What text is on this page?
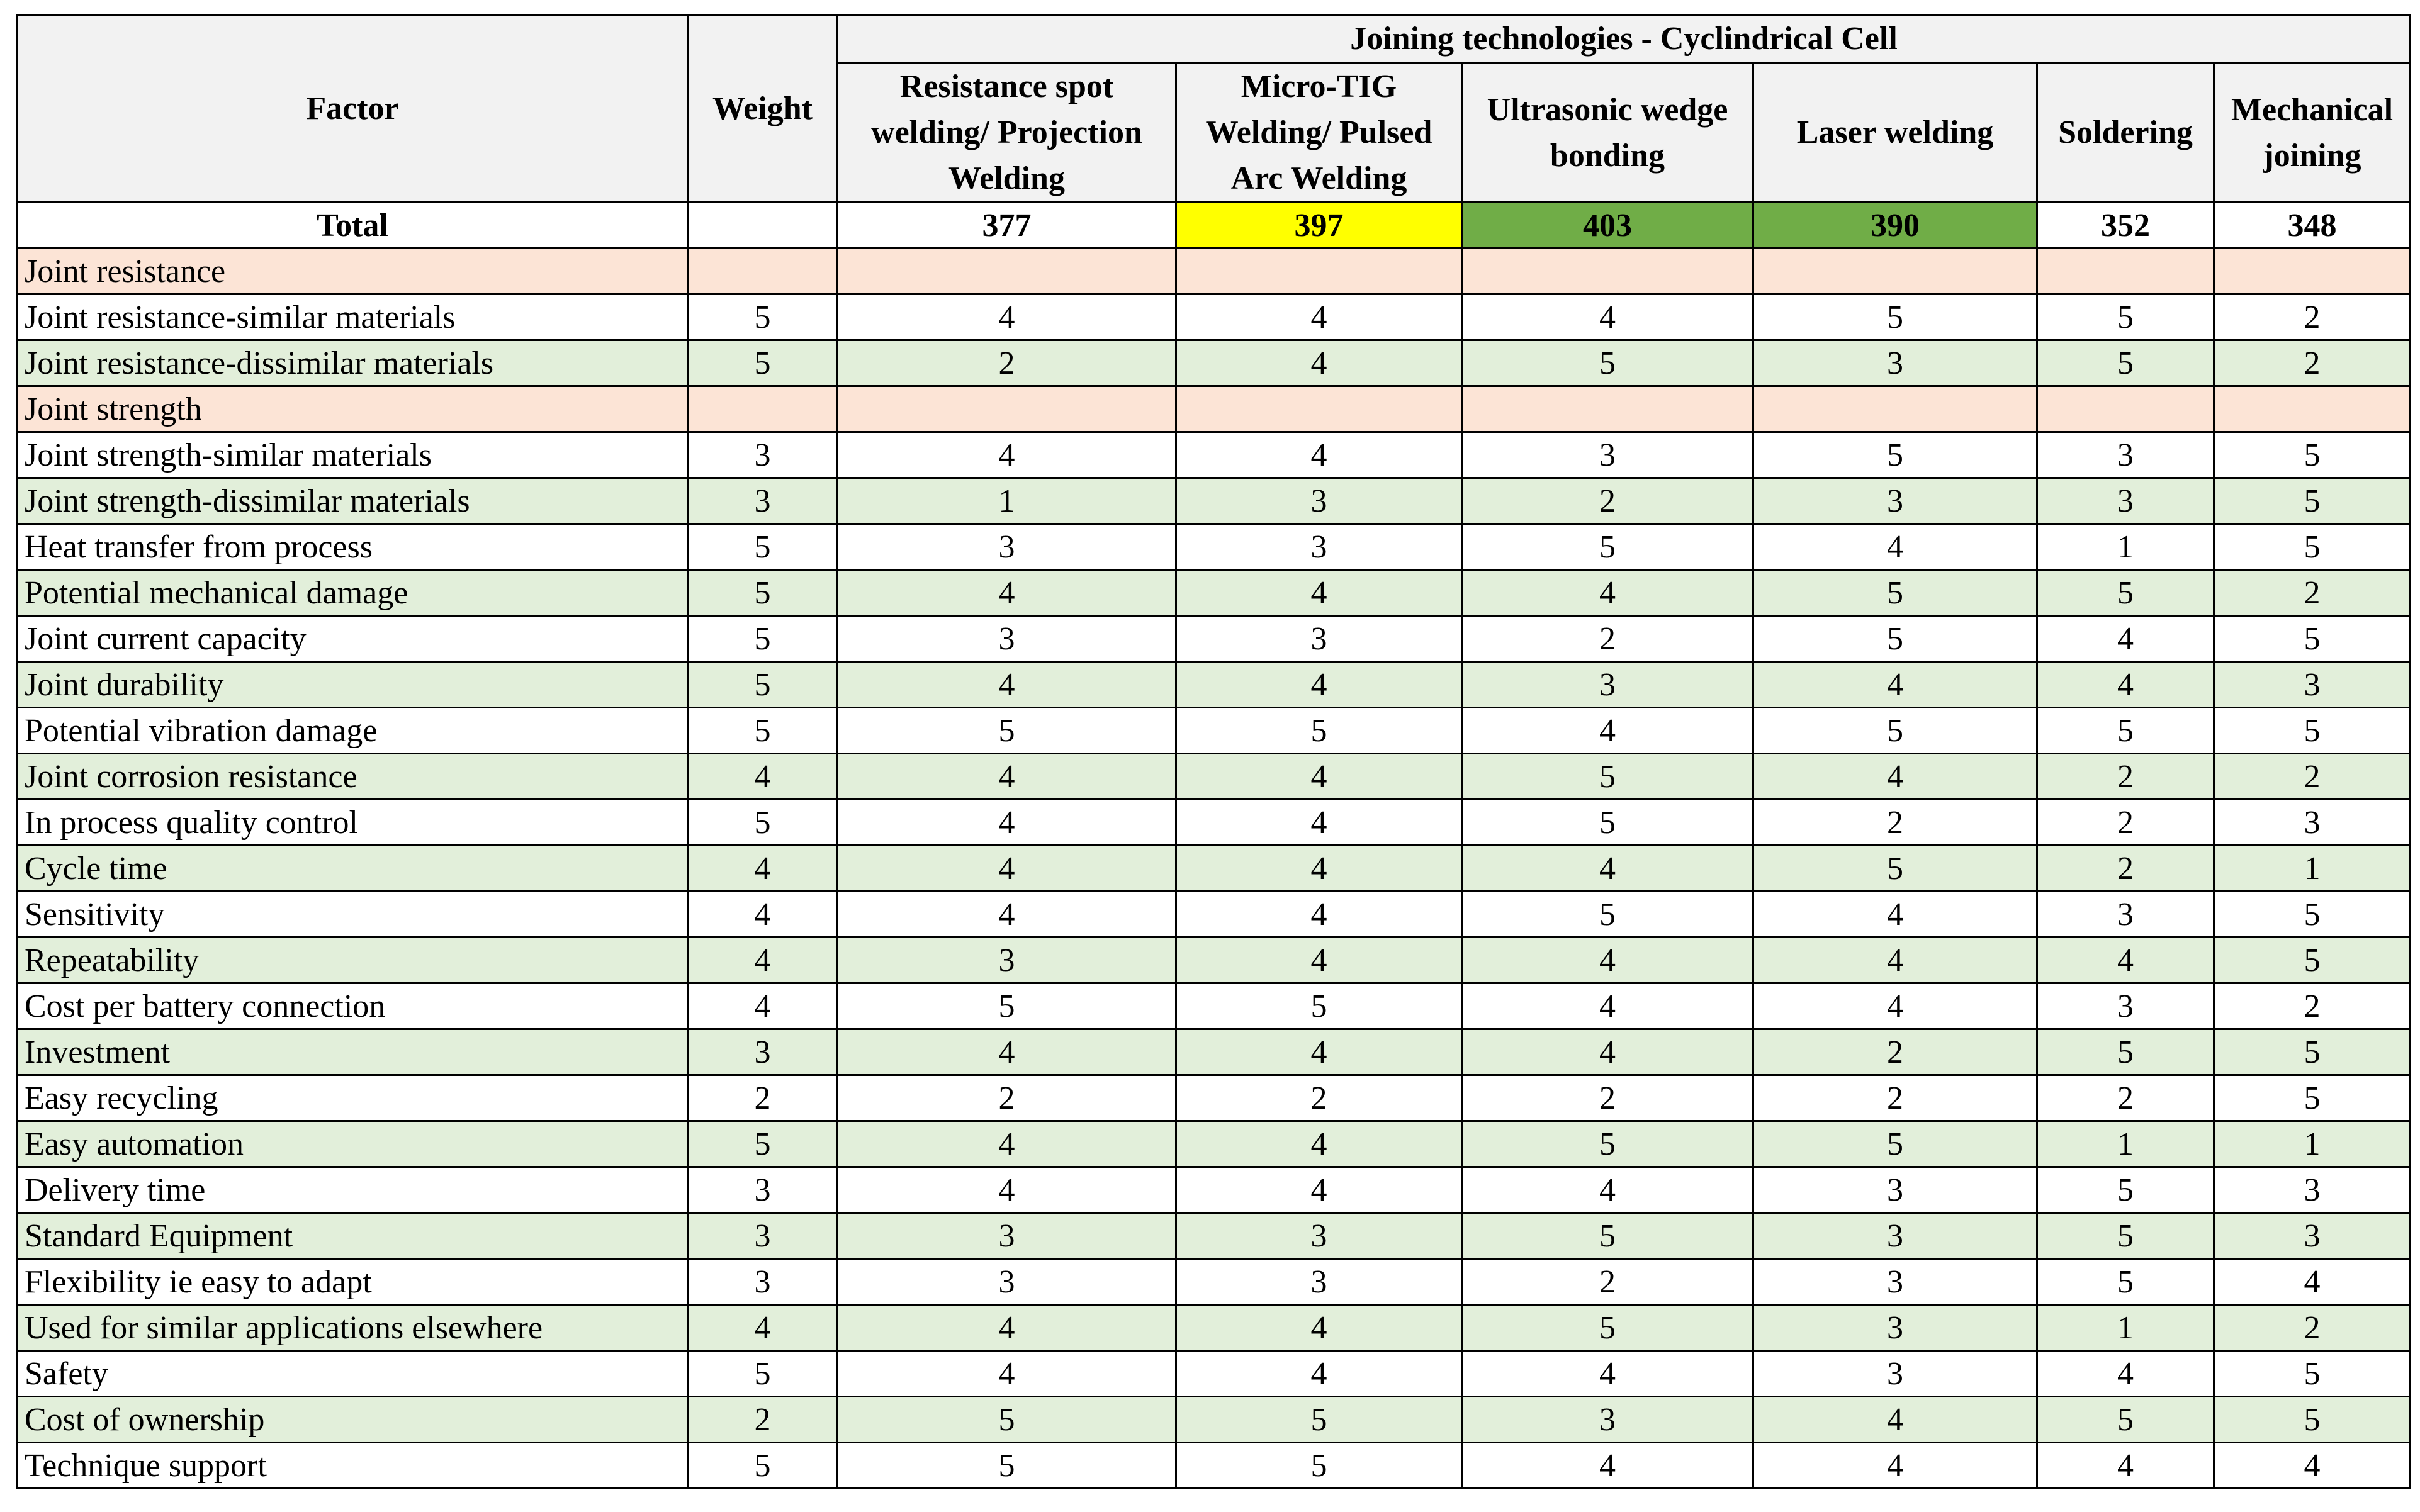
Factor	Weight	Joining technologies - Cyclindrical Cell					
		Resistance spot welding/ Projection Welding	Micro-TIG Welding/ Pulsed Arc Welding	Ultrasonic wedge bonding	Laser welding	Soldering	Mechanical joining
Total		377	397	403	390	352	348
Joint resistance							
Joint resistance-similar materials	5	4	4	4	5	5	2
Joint resistance-dissimilar materials	5	2	4	5	3	5	2
Joint strength							
Joint strength-similar materials	3	4	4	3	5	3	5
Joint strength-dissimilar materials	3	1	3	2	3	3	5
Heat transfer from process	5	3	3	5	4	1	5
Potential mechanical damage	5	4	4	4	5	5	2
Joint current capacity	5	3	3	2	5	4	5
Joint durability	5	4	4	3	4	4	3
Potential vibration damage	5	5	5	4	5	5	5
Joint corrosion resistance	4	4	4	5	4	2	2
In process quality control	5	4	4	5	2	2	3
Cycle time	4	4	4	4	5	2	1
Sensitivity	4	4	4	5	4	3	5
Repeatability	4	3	4	4	4	4	5
Cost per battery connection	4	5	5	4	4	3	2
Investment	3	4	4	4	2	5	5
Easy recycling	2	2	2	2	2	2	5
Easy automation	5	4	4	5	5	1	1
Delivery time	3	4	4	4	3	5	3
Standard Equipment	3	3	3	5	3	5	3
Flexibility ie easy to adapt	3	3	3	2	3	5	4
Used for similar applications elsewhere	4	4	4	5	3	1	2
Safety	5	4	4	4	3	4	5
Cost of ownership	2	5	5	3	4	5	5
Technique support	5	5	5	4	4	4	4
